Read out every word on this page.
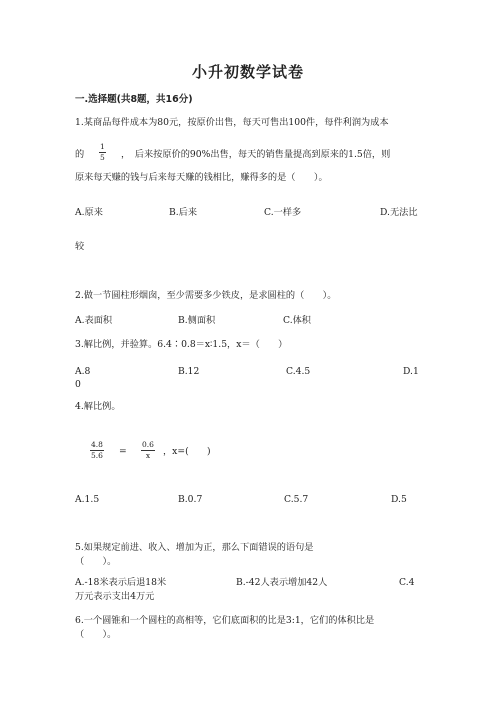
小升初数学试卷
一.选择题(共8题，共16分)
1.某商品每件成本为80元，按原价出售，每天可售出100件，每件利润为成本
的
1
5 ，　后来按原价的90%出售，每天的销售量提高到原来的1.5倍，则
原来每天赚的钱与后来每天赚的钱相比，赚得多的是（　　）。
A.原来	B.后来	C.一样多	D.无法比
较
2.做一节圆柱形烟囱，至少需要多少铁皮，是求圆柱的（　　）。
A.表面积	B.侧面积	C.体积
3.解比例，并验算。6.4∶0.8＝x∶1.5，x＝（　　）
A.8	B.12	C.4.5	D.1
0
4.解比例。
4.8
5.6 =
0.6
x ，x=(　　)
A.1.5	B.0.7	C.5.7	D.5
5.如果规定前进、收入、增加为正，那么下面错误的语句是
（　　）。
A.-18米表示后退18米	B.-42人表示增加42人	C.4
万元表示支出4万元
6.一个圆锥和一个圆柱的高相等，它们底面积的比是3:1，它们的体积比是
（　　）。
